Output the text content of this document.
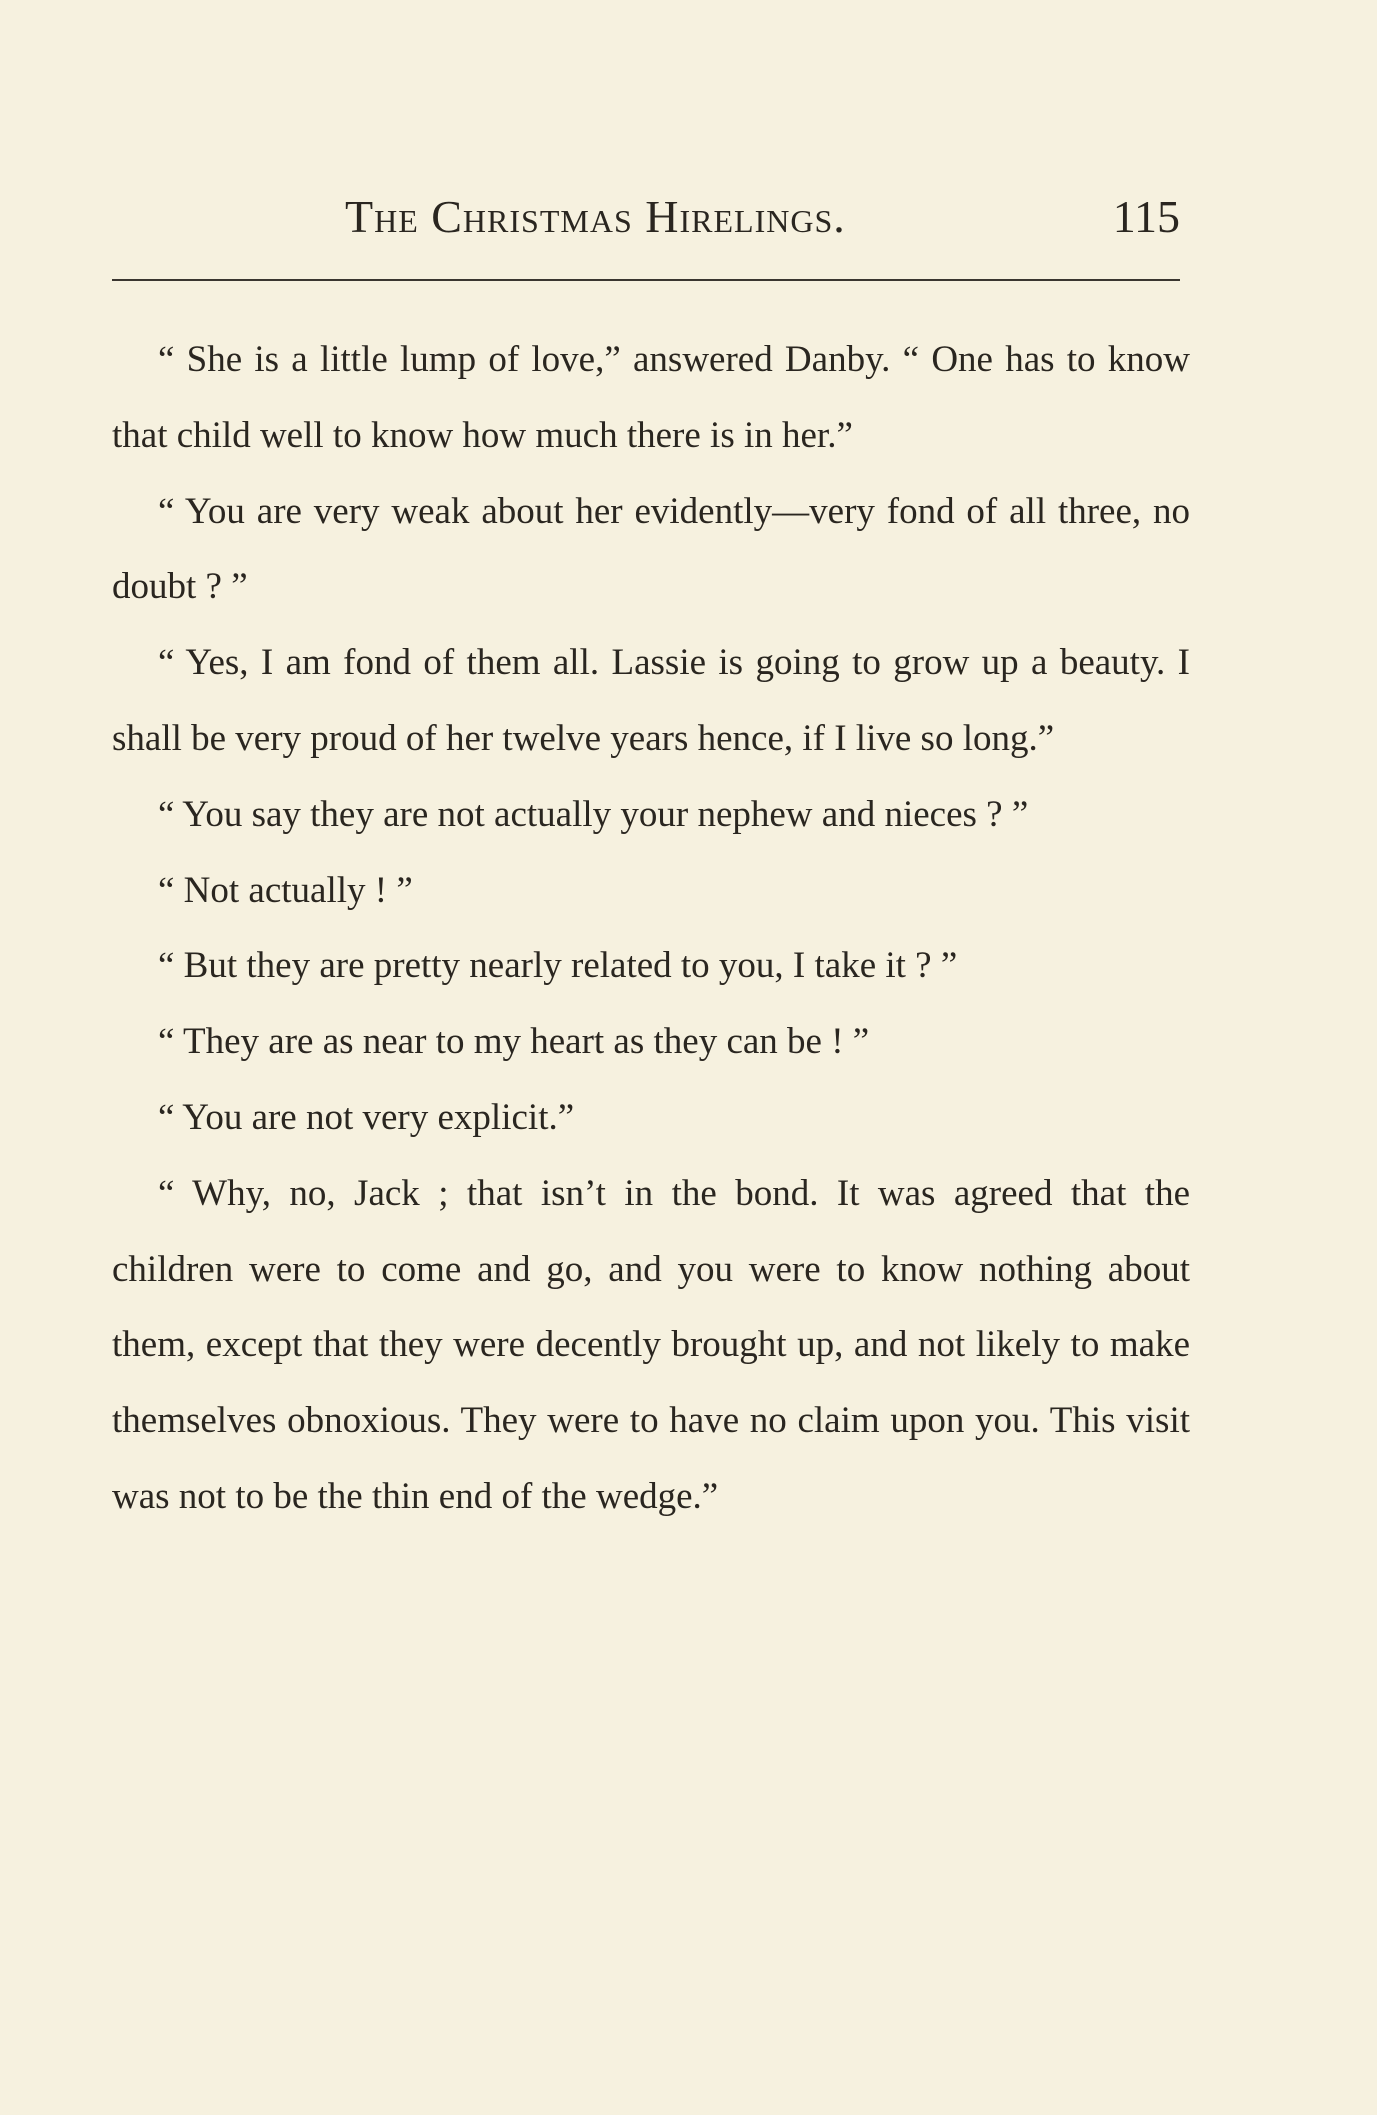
The Christmas Hirelings.	115

“ She is a little lump of love,” answered Danby. “ One has to know that child well to know how much there is in her.”

“ You are very weak about her evidently—very fond of all three, no doubt ? ”

“ Yes, I am fond of them all. Lassie is going to grow up a beauty. I shall be very proud of her twelve years hence, if I live so long.”

“ You say they are not actually your nephew and nieces ? ”

“ Not actually ! ”

“ But they are pretty nearly related to you, I take it ? ”

“ They are as near to my heart as they can be ! ”

“ You are not very explicit.”

“ Why, no, Jack ; that isn’t in the bond. It was agreed that the children were to come and go, and you were to know nothing about them, except that they were decently brought up, and not likely to make themselves obnoxious. They were to have no claim upon you. This visit was not to be the thin end of the wedge.”
